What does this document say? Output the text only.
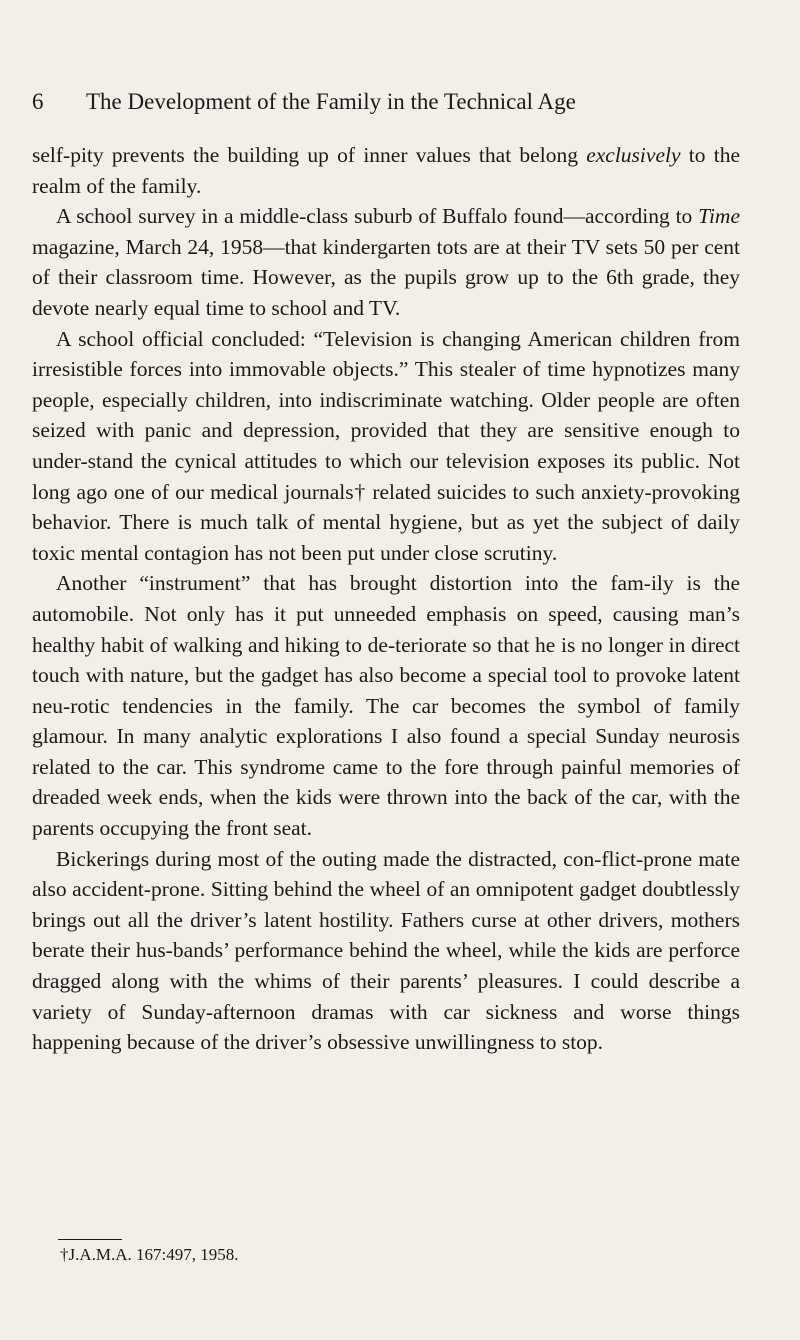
6 The Development of the Family in the Technical Age

self-pity prevents the building up of inner values that belong exclusively to the realm of the family.

A school survey in a middle-class suburb of Buffalo found—according to Time magazine, March 24, 1958—that kindergarten tots are at their TV sets 50 per cent of their classroom time. However, as the pupils grow up to the 6th grade, they devote nearly equal time to school and TV.

A school official concluded: “Television is changing American children from irresistible forces into immovable objects.” This stealer of time hypnotizes many people, especially children, into indiscriminate watching. Older people are often seized with panic and depression, provided that they are sensitive enough to under-stand the cynical attitudes to which our television exposes its public. Not long ago one of our medical journals† related suicides to such anxiety-provoking behavior. There is much talk of mental hygiene, but as yet the subject of daily toxic mental contagion has not been put under close scrutiny.

Another “instrument” that has brought distortion into the fam-ily is the automobile. Not only has it put unneeded emphasis on speed, causing man’s healthy habit of walking and hiking to de-teriorate so that he is no longer in direct touch with nature, but the gadget has also become a special tool to provoke latent neu-rotic tendencies in the family. The car becomes the symbol of family glamour. In many analytic explorations I also found a special Sunday neurosis related to the car. This syndrome came to the fore through painful memories of dreaded week ends, when the kids were thrown into the back of the car, with the parents occupying the front seat.

Bickerings during most of the outing made the distracted, con-flict-prone mate also accident-prone. Sitting behind the wheel of an omnipotent gadget doubtlessly brings out all the driver’s latent hostility. Fathers curse at other drivers, mothers berate their hus-bands’ performance behind the wheel, while the kids are perforce dragged along with the whims of their parents’ pleasures. I could describe a variety of Sunday-afternoon dramas with car sickness and worse things happening because of the driver’s obsessive unwillingness to stop.

†J.A.M.A. 167:497, 1958.
